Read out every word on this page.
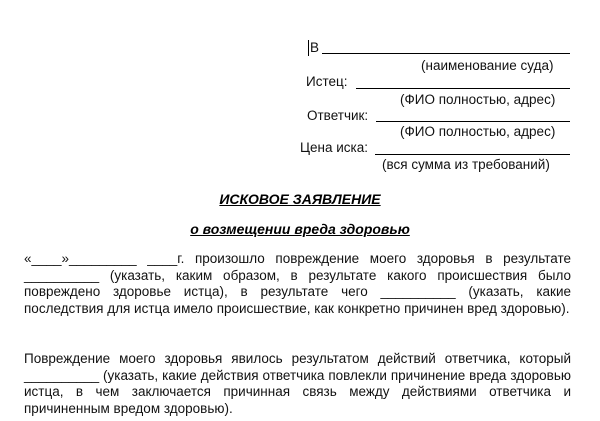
В
(наименование суда)
Истец:
(ФИО полностью, адрес)
Ответчик:
(ФИО полностью, адрес)
Цена иска:
(вся сумма из требований)
ИСКОВОЕ ЗАЯВЛЕНИЕ
о возмещении вреда здоровью
«____»_________ ____г. произошло повреждение моего здоровья в результате __________ (указать, каким образом, в результате какого происшествия было повреждено здоровье истца), в результате чего __________ (указать, какие последствия для истца имело происшествие, как конкретно причинен вред здоровью).
Повреждение моего здоровья явилось результатом действий ответчика, который __________ (указать, какие действия ответчика повлекли причинение вреда здоровью истца, в чем заключается причинная связь между действиями ответчика и причиненным вредом здоровью).
